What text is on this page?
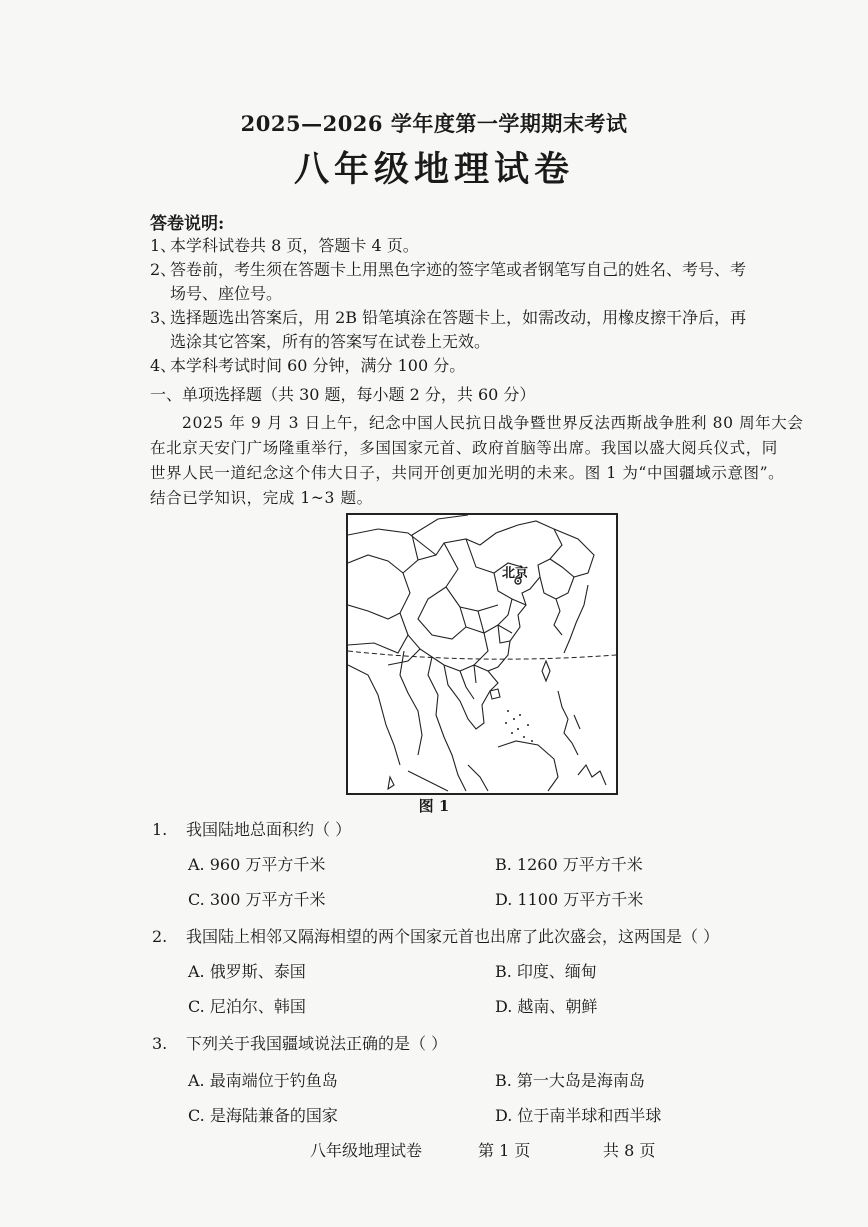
2025—2026 学年度第一学期期末考试
八年级地理试卷
答卷说明:
1、本学科试卷共 8 页，答题卡 4 页。
2、答卷前，考生须在答题卡上用黑色字迹的签字笔或者钢笔写自己的姓名、考号、考
场号、座位号。
3、选择题选出答案后，用 2B 铅笔填涂在答题卡上，如需改动，用橡皮擦干净后，再
选涂其它答案，所有的答案写在试卷上无效。
4、本学科考试时间 60 分钟，满分 100 分。
一、单项选择题（共 30 题，每小题 2 分，共 60 分）
2025 年 9 月 3 日上午，纪念中国人民抗日战争暨世界反法西斯战争胜利 80 周年大会
在北京天安门广场隆重举行，多国国家元首、政府首脑等出席。我国以盛大阅兵仪式，同
世界人民一道纪念这个伟大日子，共同开创更加光明的未来。图 1 为“中国疆域示意图”。
结合已学知识，完成 1~3 题。
北京
图 1
1. 我国陆地总面积约（ ）
A. 960 万平方千米	B. 1260 万平方千米
C. 300 万平方千米	D. 1100 万平方千米
2. 我国陆上相邻又隔海相望的两个国家元首也出席了此次盛会，这两国是（ ）
A. 俄罗斯、泰国	B. 印度、缅甸
C. 尼泊尔、韩国	D. 越南、朝鲜
3. 下列关于我国疆域说法正确的是（ ）
A. 最南端位于钓鱼岛	B. 第一大岛是海南岛
C. 是海陆兼备的国家	D. 位于南半球和西半球
八年级地理试卷	第 1 页	共 8 页
